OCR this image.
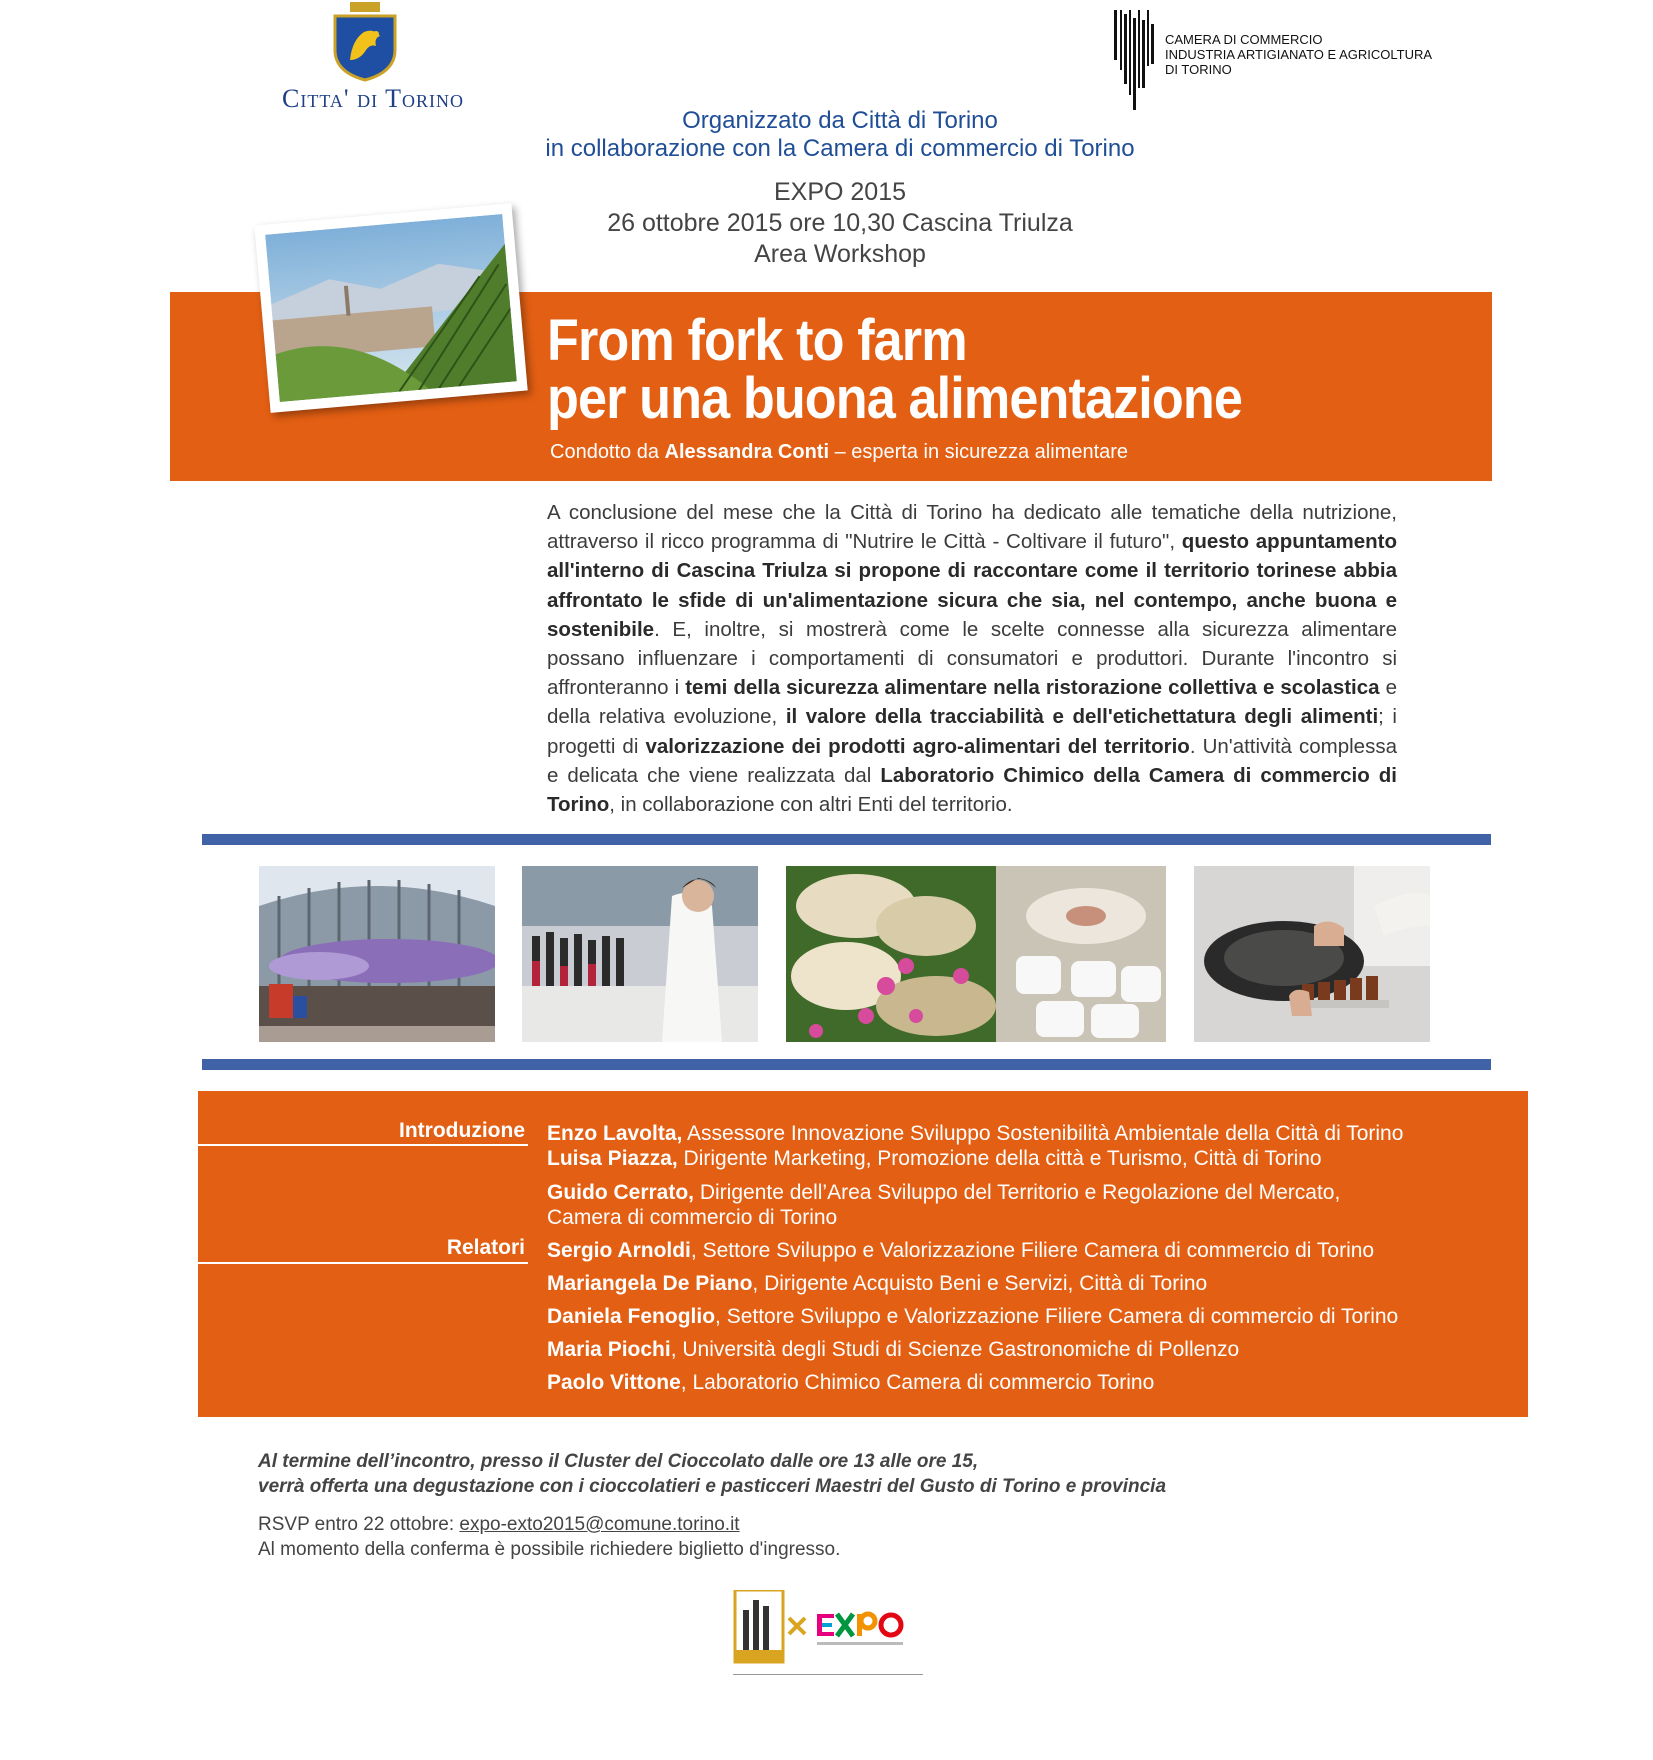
Citta' di Torino
CAMERA DI COMMERCIO
INDUSTRIA ARTIGIANATO E AGRICOLTURA
DI TORINO
Organizzato da Città di Torino
in collaborazione con la Camera di commercio di Torino
EXPO 2015
26 ottobre 2015 ore 10,30 Cascina Triulza
Area Workshop
From fork to farm
per una buona alimentazione
Condotto da Alessandra Conti – esperta in sicurezza alimentare
A conclusione del mese che la Città di Torino ha dedicato alle tematiche della nutrizione, attraverso il ricco programma di "Nutrire le Città - Coltivare il futuro", questo appuntamento all'interno di Cascina Triulza si propone di raccontare come il territorio torinese abbia affrontato le sfide di un'alimentazione sicura che sia, nel contempo, anche buona e sostenibile. E, inoltre, si mostrerà come le scelte connesse alla sicurezza alimentare possano influenzare i comportamenti di consumatori e produttori. Durante l'incontro si affronteranno i temi della sicurezza alimentare nella ristorazione collettiva e scolastica e della relativa evoluzione, il valore della tracciabilità e dell'etichettatura degli alimenti; i progetti di valorizzazione dei prodotti agro-alimentari del territorio. Un'attività complessa e delicata che viene realizzata dal Laboratorio Chimico della Camera di commercio di Torino, in collaborazione con altri Enti del territorio.
Introduzione Enzo Lavolta, Assessore Innovazione Sviluppo Sostenibilità Ambientale della Città di Torino
Luisa Piazza, Dirigente Marketing, Promozione della città e Turismo, Città di Torino
Guido Cerrato, Dirigente dell’Area Sviluppo del Territorio e Regolazione del Mercato,
Camera di commercio di Torino
Relatori Sergio Arnoldi, Settore Sviluppo e Valorizzazione Filiere Camera di commercio di Torino
Mariangela De Piano, Dirigente Acquisto Beni e Servizi, Città di Torino
Daniela Fenoglio, Settore Sviluppo e Valorizzazione Filiere Camera di commercio di Torino
Maria Piochi, Università degli Studi di Scienze Gastronomiche di Pollenzo
Paolo Vittone, Laboratorio Chimico Camera di commercio Torino
Al termine dell’incontro, presso il Cluster del Cioccolato dalle ore 13 alle ore 15,
verrà offerta una degustazione con i cioccolatieri e pasticceri Maestri del Gusto di Torino e provincia
RSVP entro 22 ottobre: expo-exto2015@comune.torino.it
Al momento della conferma è possibile richiedere biglietto d'ingresso.
